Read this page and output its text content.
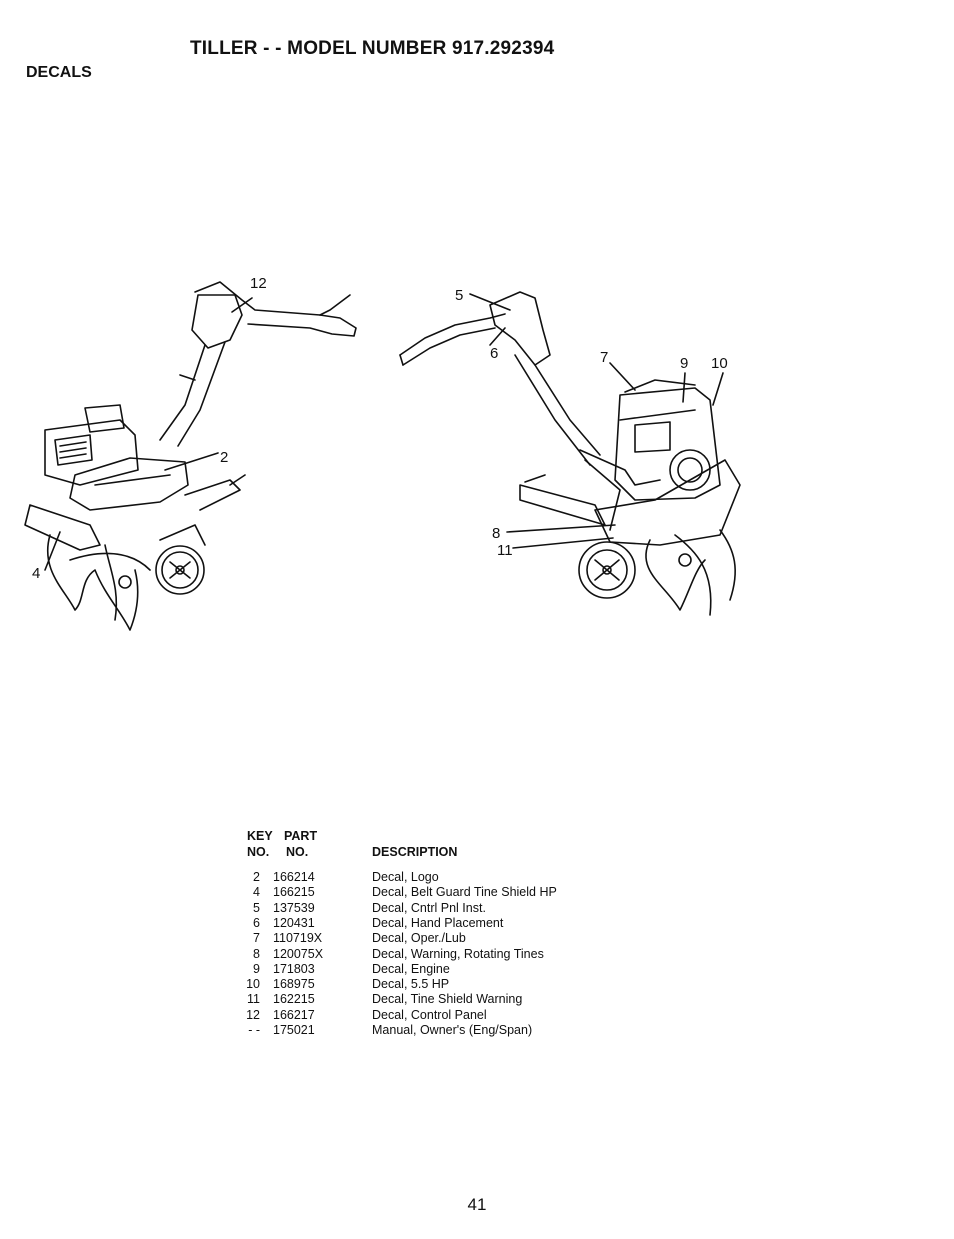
TILLER - - MODEL NUMBER 917.292394
DECALS
12
2
4
5
6	7	9 10
8
11
KEY PART
NO. NO.	DESCRIPTION
2 166214	Decal, Logo
4 166215	Decal, Belt Guard Tine Shield HP
5 137539	Decal, Cntrl Pnl Inst.
6 120431	Decal, Hand Placement
7 110719X	Decal, Oper./Lub
8 120075X	Decal, Warning, Rotating Tines
9 171803	Decal, Engine
10 168975	Decal, 5.5 HP
11 162215	Decal, Tine Shield Warning
12 166217	Decal, Control Panel
- - 175021	Manual, Owner's (Eng/Span)
41
